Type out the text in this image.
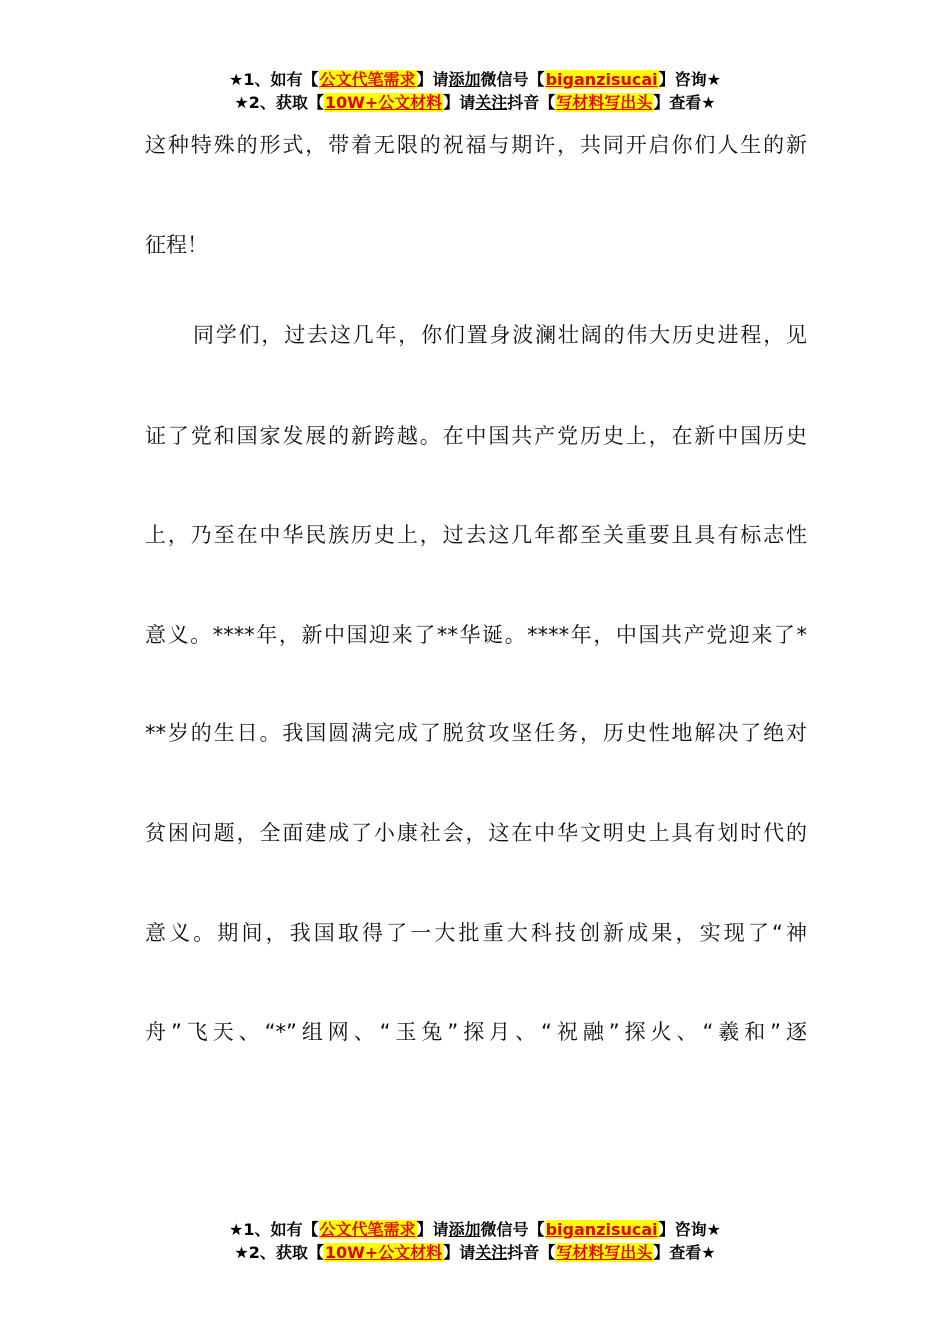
★1、如有【公文代笔需求】请添加微信号【biganzisucai】咨询★
★2、获取【10W+公文材料】请关注抖音【写材料写出头】查看★
这种特殊的形式，带着无限的祝福与期许，共同开启你们人生的新
征程！
同学们，过去这几年，你们置身波澜壮阔的伟大历史进程，见
证了党和国家发展的新跨越。在中国共产党历史上，在新中国历史
上，乃至在中华民族历史上，过去这几年都至关重要且具有标志性
意义。****年，新中国迎来了**华诞。****年，中国共产党迎来了*
**岁的生日。我国圆满完成了脱贫攻坚任务，历史性地解决了绝对
贫困问题，全面建成了小康社会，这在中华文明史上具有划时代的
意义。期间，我国取得了一大批重大科技创新成果，实现了“神
舟”飞天、“*”组网、“玉兔”探月、“祝融”探火、“羲和”逐
★1、如有【公文代笔需求】请添加微信号【biganzisucai】咨询★
★2、获取【10W+公文材料】请关注抖音【写材料写出头】查看★
